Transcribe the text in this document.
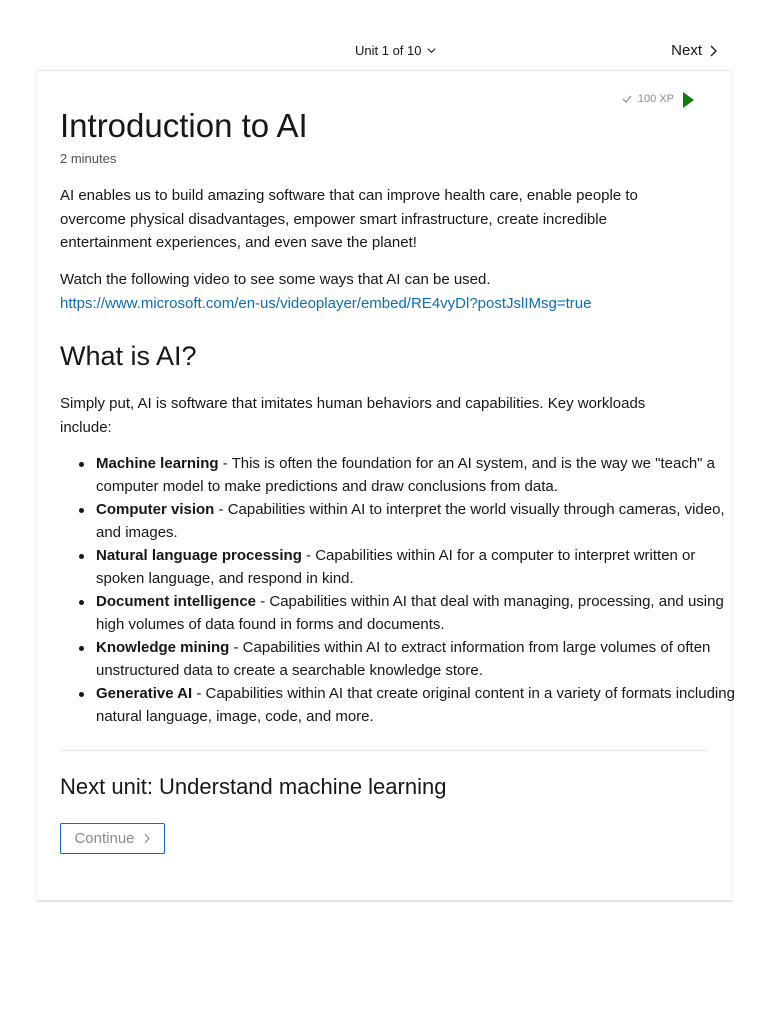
Unit 1 of 10	Next
100 XP
Introduction to AI
2 minutes

AI enables us to build amazing software that can improve health care, enable people to overcome physical disadvantages, empower smart infrastructure, create incredible entertainment experiences, and even save the planet!

Watch the following video to see some ways that AI can be used.
https://www.microsoft.com/en-us/videoplayer/embed/RE4vyDl?postJslIMsg=true

What is AI?

Simply put, AI is software that imitates human behaviors and capabilities. Key workloads include:

Machine learning - This is often the foundation for an AI system, and is the way we "teach" a computer model to make predictions and draw conclusions from data.
Computer vision - Capabilities within AI to interpret the world visually through cameras, video, and images.
Natural language processing - Capabilities within AI for a computer to interpret written or spoken language, and respond in kind.
Document intelligence - Capabilities within AI that deal with managing, processing, and using high volumes of data found in forms and documents.
Knowledge mining - Capabilities within AI to extract information from large volumes of often unstructured data to create a searchable knowledge store.
Generative AI - Capabilities within AI that create original content in a variety of formats including natural language, image, code, and more.
Next unit: Understand machine learning
Continue
